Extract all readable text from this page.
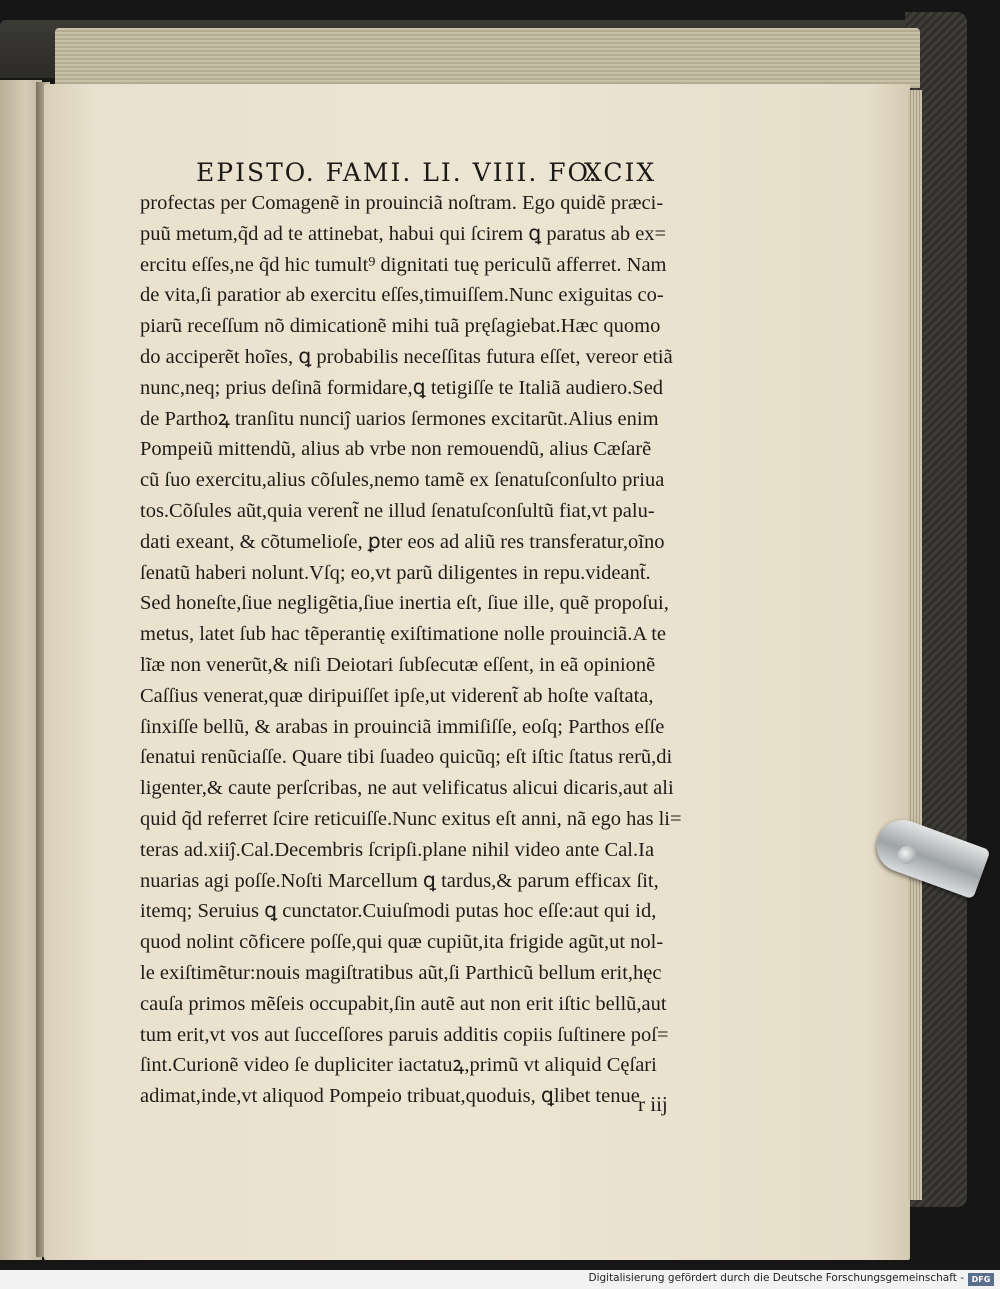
EPISTO. FAMI. LI. VIII. FO.
XCIX
profectas per Comagenẽ in prouinciã noſtram. Ego quidẽ præci-
puũ metum,q̃d ad te attinebat, habui qui ſcirem ꝗ paratus ab ex=
ercitu eſſes,ne q̃d hic tumult⁹ dignitati tuę periculũ afferret. Nam
de vita,ſi paratior ab exercitu eſſes,timuiſſem.Nunc exiguitas co-
piarũ receſſum nõ dimicationẽ mihi tuã pręſagiebat.Hæc quomo
do acciperẽt hoĩes, ꝗ probabilis neceſſitas futura eſſet, vereor etiã
nunc,neq; prius deſinã formidare,ꝗ tetigiſſe te Italiã audiero.Sed
de Parthoꝝ tranſitu nunciĵ uarios ſermones excitarũt.Alius enim
Pompeiũ mittendũ, alius ab vrbe non remouendũ, alius Cæſarẽ
cũ ſuo exercitu,alius cõſules,nemo tamẽ ex ſenatuſconſulto priua
tos.Cõſules aũt,quia verent̃ ne illud ſenatuſconſultũ fiat,vt palu-
dati exeant, & cõtumelioſe, ꝑter eos ad aliũ res transferatur,oĩno
ſenatũ haberi nolunt.Vſq; eo,vt parũ diligentes in repu.videant̃.
Sed honeſte,ſiue negligẽtia,ſiue inertia eſt, ſiue ille, quẽ propoſui,
metus, latet ſub hac tẽperantię exiſtimatione nolle prouinciã.A te
lĩæ non venerũt,& niſi Deiotari ſubſecutæ eſſent, in eã opinionẽ
Caſſius venerat,quæ diripuiſſet ipſe,ut viderent̃ ab hoſte vaſtata,
ſinxiſſe bellũ, & arabas in prouinciã immiſiſſe, eoſq; Parthos eſſe
ſenatui renũciaſſe. Quare tibi ſuadeo quicũq; eſt iſtic ſtatus rerũ,di
ligenter,& caute perſcribas, ne aut velificatus alicui dicaris,aut ali
quid q̃d referret ſcire reticuiſſe.Nunc exitus eſt anni, nã ego has li=
teras ad.xiiĵ.Cal.Decembris ſcripſi.plane nihil video ante Cal.Ia
nuarias agi poſſe.Noſti Marcellum ꝗ tardus,& parum efficax ſit,
itemq; Seruius ꝗ cunctator.Cuiuſmodi putas hoc eſſe:aut qui id,
quod nolint cõficere poſſe,qui quæ cupiũt,ita frigide agũt,ut nol-
le exiſtimẽtur:nouis magiſtratibus aũt,ſi Parthicũ bellum erit,hęc
cauſa primos mẽſeis occupabit,ſin autẽ aut non erit iſtic bellũ,aut
tum erit,vt vos aut ſucceſſores paruis additis copiis ſuſtinere poſ=
ſint.Curionẽ video ſe dupliciter iactatuꝝ,primũ vt aliquid Cęſari
adimat,inde,vt aliquod Pompeio tribuat,quoduis, ꝗlibet tenue
r iij
Digitalisierung gefördert durch die Deutsche Forschungsgemeinschaft - DFG
